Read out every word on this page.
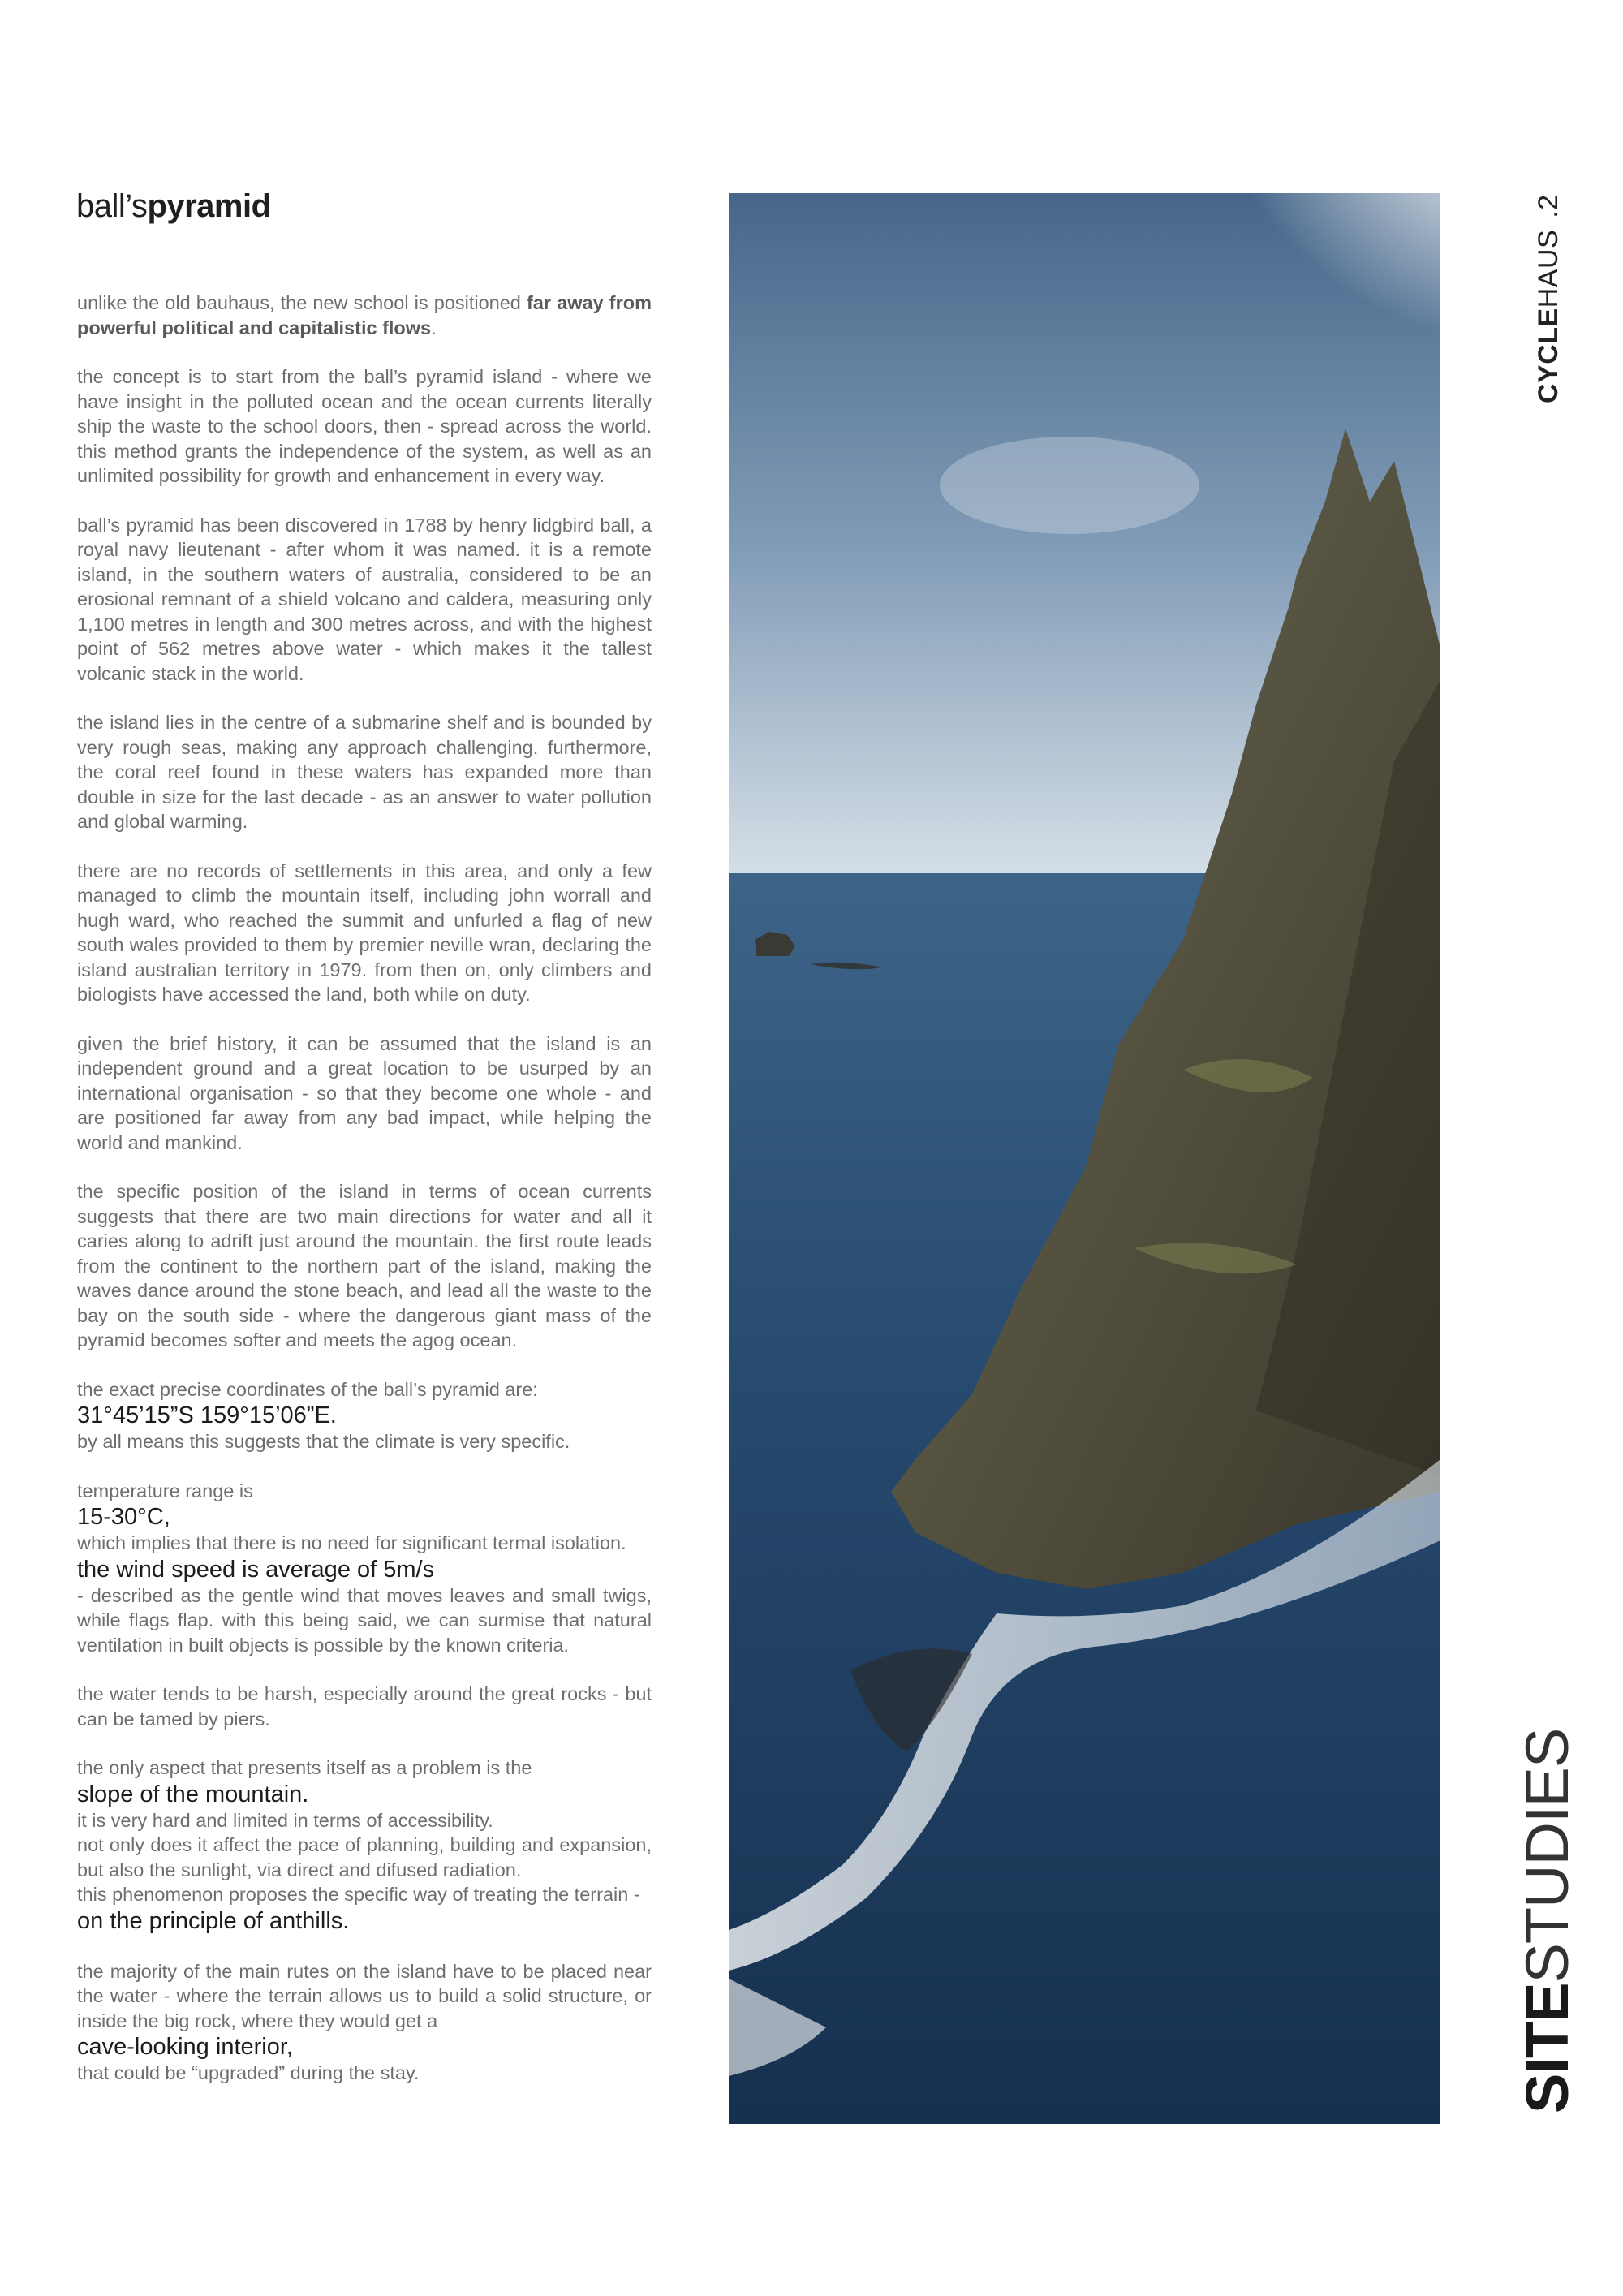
ball’spyramid

unlike the old bauhaus, the new school is positioned far away from powerful political and capitalistic flows.

the concept is to start from the ball’s pyramid island - where we have insight in the polluted ocean and the ocean currents literally ship the waste to the school doors, then - spread across the world. this method grants the independence of the system, as well as an unlimited possibility for growth and enhancement in every way.

ball’s pyramid has been discovered in 1788 by henry lidgbird ball, a royal navy lieutenant - after whom it was named. it is a remote island, in the southern waters of australia, considered to be an erosional remnant of a shield volcano and caldera, measuring only 1,100 metres in length and 300 metres across, and with the highest point of 562 metres above water - which makes it the tallest volcanic stack in the world.

the island lies in the centre of a submarine shelf and is bounded by very rough seas, making any approach challenging. furthermore, the coral reef found in these waters has expanded more than double in size for the last decade - as an answer to water pollution and global warming.

there are no records of settlements in this area, and only a few managed to climb the mountain itself, including john worrall and hugh ward, who reached the summit and unfurled a flag of new south wales provided to them by premier neville wran, declaring the island australian territory in 1979. from then on, only climbers and biologists have accessed the land, both while on duty.

given the brief history, it can be assumed that the island is an independent ground and a great location to be usurped by an international organisation - so that they become one whole - and are positioned far away from any bad impact, while helping the world and mankind.

the specific position of the island in terms of ocean currents suggests that there are two main directions for water and all it caries along to adrift just around the mountain. the first route leads from the continent to the northern part of the island, making the waves dance around the stone beach, and lead all the waste to the bay on the south side - where the dangerous giant mass of the pyramid becomes softer and meets the agog ocean.

the exact precise coordinates of the ball’s pyramid are:
31°45’15”S 159°15’06”E.
by all means this suggests that the climate is very specific.

temperature range is
15-30°C,
which implies that there is no need for significant termal isolation.
the wind speed is average of 5m/s
- described as the gentle wind that moves leaves and small twigs, while flags flap. with this being said, we can surmise that natural ventilation in built objects is possible by the known criteria.

the water tends to be harsh, especially around the great rocks - but can be tamed by piers.

the only aspect that presents itself as a problem is the
slope of the mountain.
it is very hard and limited in terms of accessibility.
not only does it affect the pace of planning, building and expansion, but also the sunlight, via direct and difused radiation.
this phenomenon proposes the specific way of treating the terrain -
on the principle of anthills.

the majority of the main rutes on the island have to be placed near the water - where the terrain allows us to build a solid structure, or inside the big rock, where they would get a
cave-looking interior,
that could be “upgraded” during the stay.

CYCLEHAUS.2
SITESTUDIES
